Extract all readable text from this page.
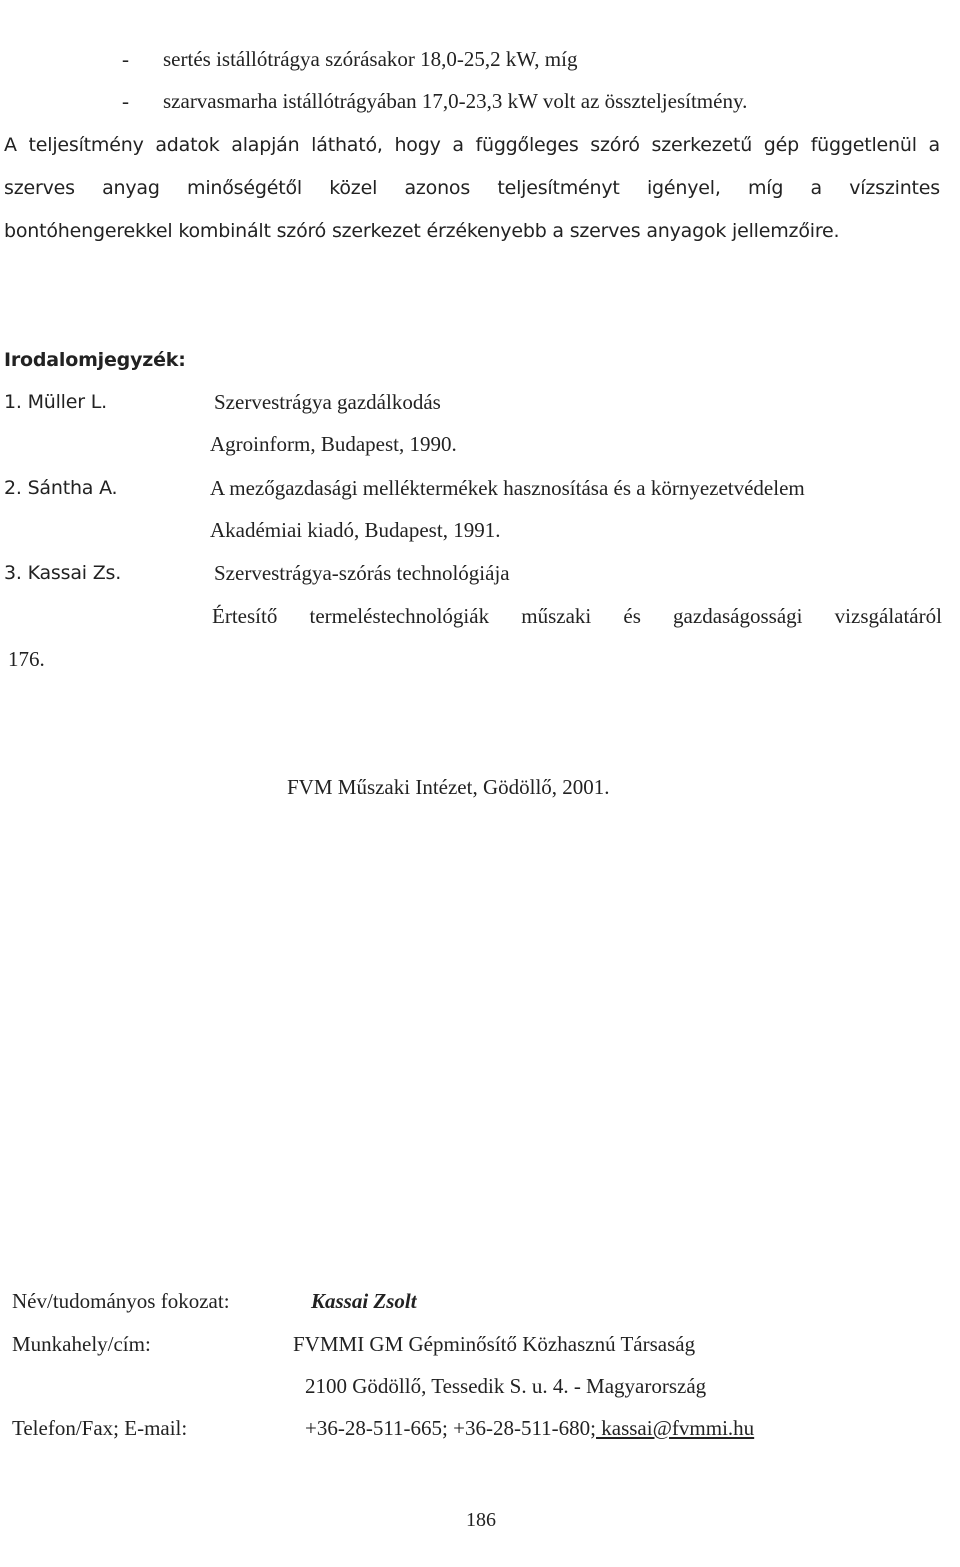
- sertés istállótrágya szórásakor 18,0-25,2 kW, míg
- szarvasmarha istállótrágyában 17,0-23,3 kW volt az összteljesítmény.
A teljesítmény adatok alapján látható, hogy a függőleges szóró szerkezetű gép függetlenül a
szerves anyag minőségétől közel azonos teljesítményt igényel, míg a vízszintes
bontóhengerekkel kombinált szóró szerkezet érzékenyebb a szerves anyagok jellemzőire.
Irodalomjegyzék:
1. Müller L.	Szervestrágya gazdálkodás
Agroinform, Budapest, 1990.
2. Sántha A.	A mezőgazdasági melléktermékek hasznosítása és a környezetvédelem
Akadémiai kiadó, Budapest, 1991.
3. Kassai Zs.	Szervestrágya-szórás technológiája
Értesítő termeléstechnológiák műszaki és gazdaságossági vizsgálatáról
176.
FVM Műszaki Intézet, Gödöllő, 2001.
Név/tudományos fokozat:	Kassai Zsolt
Munkahely/cím:	FVMMI GM Gépminősítő Közhasznú Társaság
2100 Gödöllő, Tessedik S. u. 4. - Magyarország
Telefon/Fax; E-mail:	+36-28-511-665; +36-28-511-680; kassai@fvmmi.hu
186
